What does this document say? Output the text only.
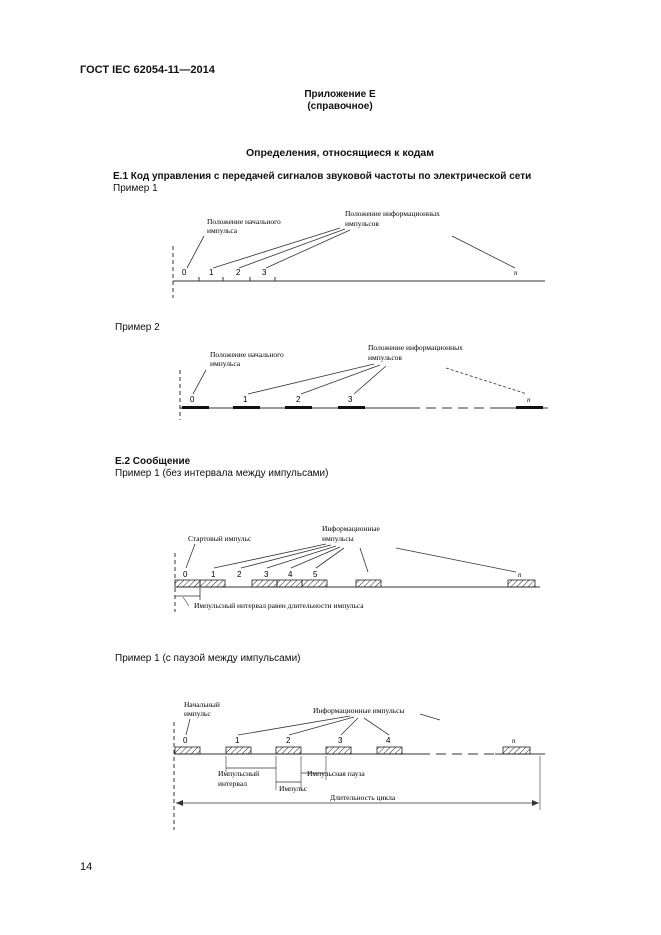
ГОСТ IEC 62054-11—2014
Приложение Е
(справочное)
Определения, относящиеся к кодам
Е.1 Код управления с передачей сигналов звуковой частоты по электрической сети
Пример 1
Пример 2
Е.2 Сообщение
Пример 1 (без интервала между импульсами)
Пример 1 (с паузой между импульсами)
14
0	1	2	3	n
Положение начального
импульса
Положение информационных
импульсов
0	1	2	3	n
Положение начального
импульса
Положение информационных
импульсов
0	1	2	3 4	5	n
Стартовый импульс
Информационные
импульсы
Импульсный интервал равен длительности импульса
0	1	2	3	4	n
Начальный
импульс	Информационные импульсы
Импульсный
интервал
Импульсная пауза
Импульс
Длительность цикла
